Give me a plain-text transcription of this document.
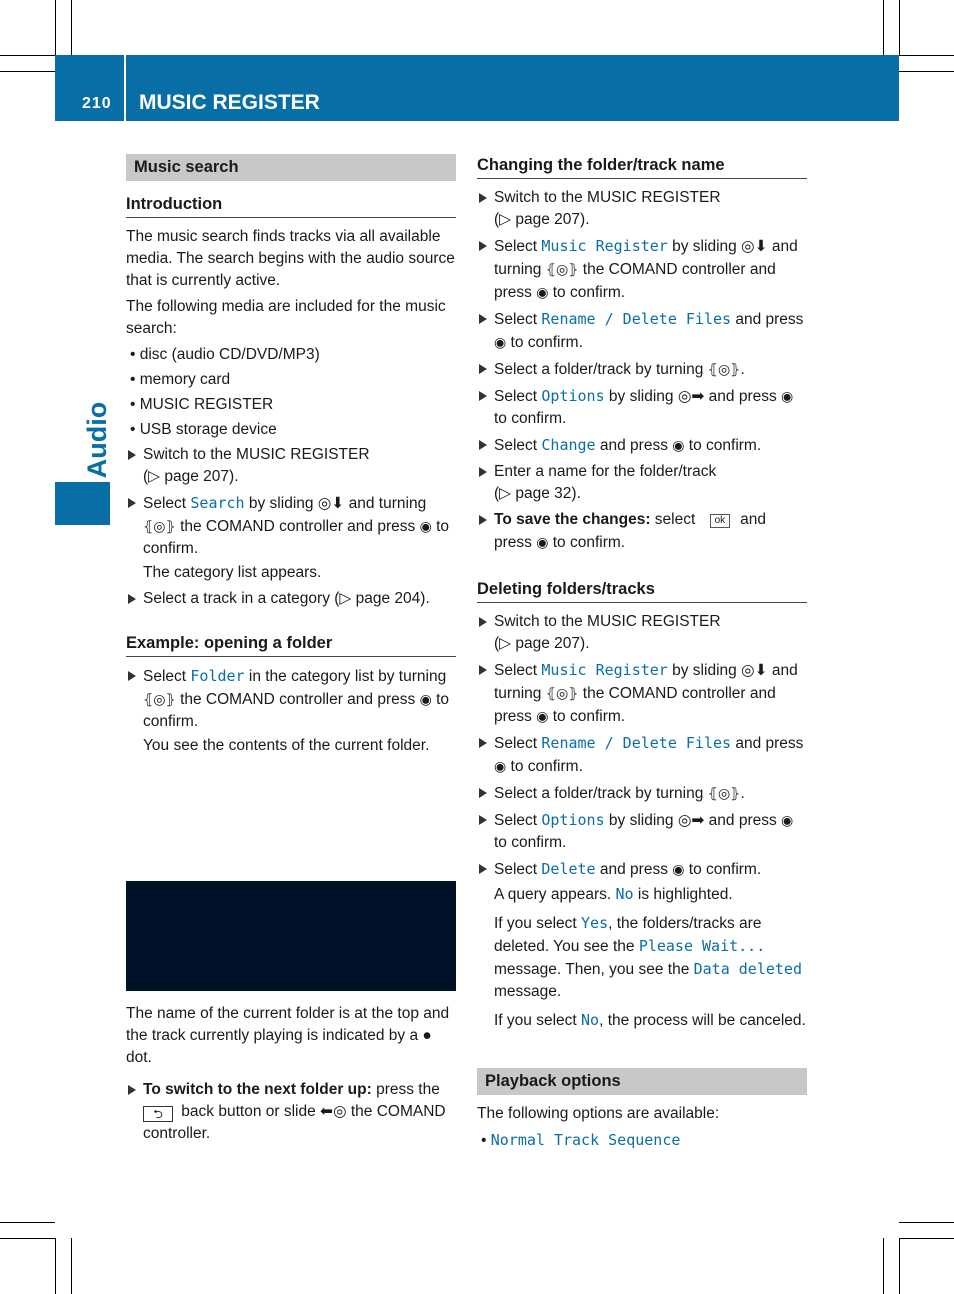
210 MUSIC REGISTER
Audio
Music search
Introduction

The music search finds tracks via all available media. The search begins with the audio source that is currently active.

The following media are included for the music search:

• disc (audio CD/DVD/MP3)
• memory card
• MUSIC REGISTER
• USB storage device
Switch to the MUSIC REGISTER
(▷ page 207).
Select Search by sliding ◎⬇ and turning ⦃◎⦄ the COMAND controller and press ◉ to confirm.
The category list appears.
Select a track in a category (▷ page 204).
Example: opening a folder
Select Folder in the category list by turning ⦃◎⦄ the COMAND controller and press ◉ to confirm.
You see the contents of the current folder.

The name of the current folder is at the top and the track currently playing is indicated by a ● dot.

To switch to the next folder up: press the ⮌ back button or slide ⬅◎ the COMAND controller.
Changing the folder/track name
Switch to the MUSIC REGISTER
(▷ page 207).
Select Music Register by sliding ◎⬇ and turning ⦃◎⦄ the COMAND controller and press ◉ to confirm.
Select Rename / Delete Files and press ◉ to confirm.
Select a folder/track by turning ⦃◎⦄.
Select Options by sliding ◎➡ and press ◉ to confirm.
Select Change and press ◉ to confirm.
Enter a name for the folder/track
(▷ page 32).
To save the changes: select ok and press ◉ to confirm.
Deleting folders/tracks
Switch to the MUSIC REGISTER
(▷ page 207).
Select Music Register by sliding ◎⬇ and turning ⦃◎⦄ the COMAND controller and press ◉ to confirm.
Select Rename / Delete Files and press ◉ to confirm.
Select a folder/track by turning ⦃◎⦄.
Select Options by sliding ◎➡ and press ◉ to confirm.
Select Delete and press ◉ to confirm.
A query appears. No is highlighted.
If you select Yes, the folders/tracks are deleted. You see the Please Wait... message. Then, you see the Data deleted message.
If you select No, the process will be canceled.
Playback options

The following options are available:

• Normal Track Sequence
